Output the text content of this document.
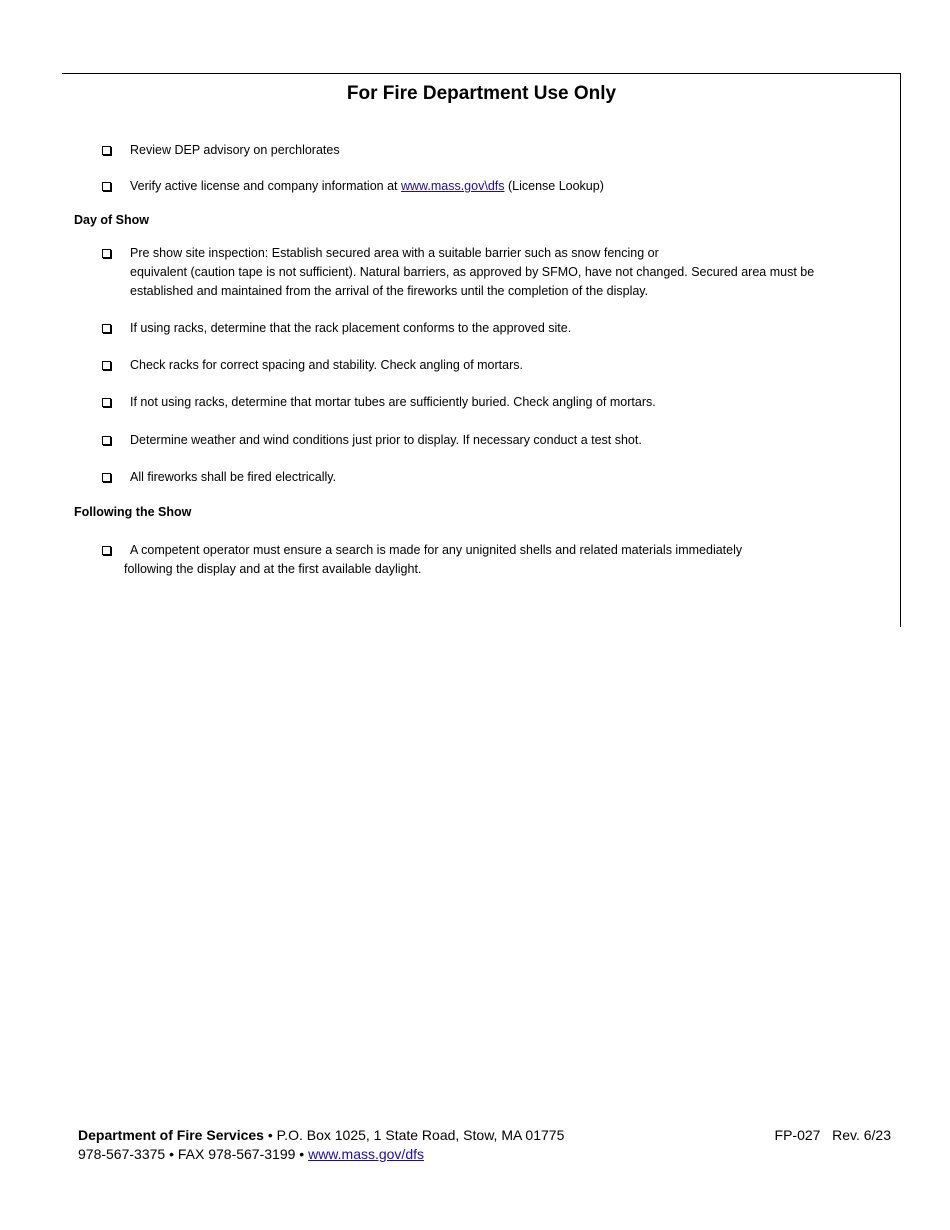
For Fire Department Use Only
Review DEP advisory on perchlorates
Verify active license and company information at www.mass.gov\dfs (License Lookup)
Day of Show
Pre show site inspection: Establish secured area with a suitable barrier such as snow fencing or
equivalent (caution tape is not sufficient). Natural barriers, as approved by SFMO, have not changed. Secured area must be established and maintained from the arrival of the fireworks until the completion of the display.
If using racks, determine that the rack placement conforms to the approved site.
Check racks for correct spacing and stability. Check angling of mortars.
If not using racks, determine that mortar tubes are sufficiently buried. Check angling of mortars.
Determine weather and wind conditions just prior to display. If necessary conduct a test shot.
All fireworks shall be fired electrically.
Following the Show
A competent operator must ensure a search is made for any unignited shells and related materials immediately following the display and at the first available daylight.
Department of Fire Services • P.O. Box 1025, 1 State Road, Stow, MA 01775
978-567-3375 • FAX 978-567-3199 • www.mass.gov/dfs
FP-027   Rev. 6/23
